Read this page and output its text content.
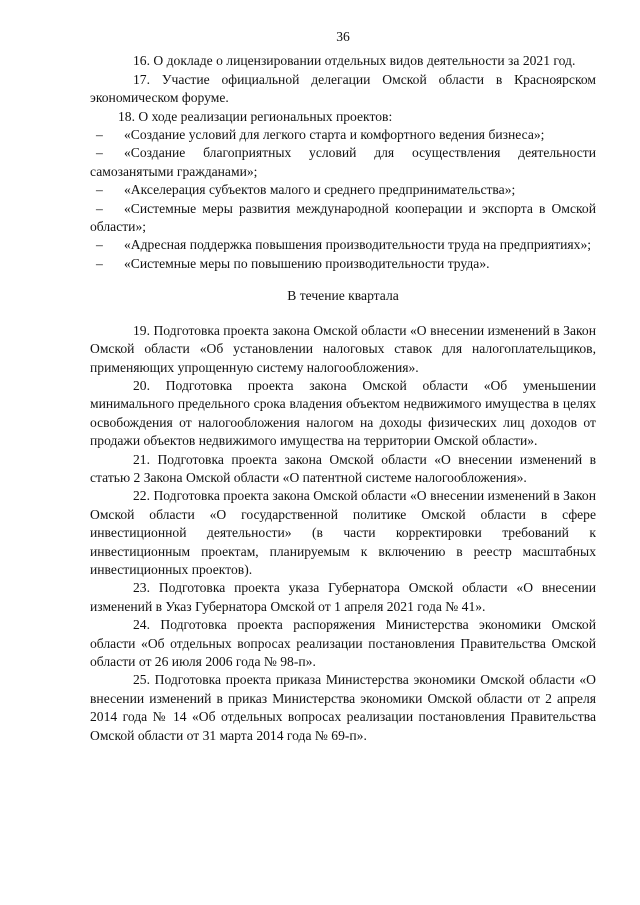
36

16. О докладе о лицензировании отдельных видов деятельности за 2021 год.

17. Участие официальной делегации Омской области в Красноярском экономическом форуме.

18. О ходе реализации региональных проектов:

– «Создание условий для легкого старта и комфортного ведения бизнеса»;

– «Создание благоприятных условий для осуществления деятельности самозанятыми гражданами»;

– «Акселерация субъектов малого и среднего предпринимательства»;

– «Системные меры развития международной кооперации и экспорта в Омской области»;

– «Адресная поддержка повышения производительности труда на предприятиях»;

– «Системные меры по повышению производительности труда».

В течение квартала

19. Подготовка проекта закона Омской области «О внесении изменений в Закон Омской области «Об установлении налоговых ставок для налогоплательщиков, применяющих упрощенную систему налогообложения».

20. Подготовка проекта закона Омской области «Об уменьшении минимального предельного срока владения объектом недвижимого имущества в целях освобождения от налогообложения налогом на доходы физических лиц доходов от продажи объектов недвижимого имущества на территории Омской области».

21. Подготовка проекта закона Омской области «О внесении изменений в статью 2 Закона Омской области «О патентной системе налогообложения».

22. Подготовка проекта закона Омской области «О внесении изменений в Закон Омской области «О государственной политике Омской области в сфере инвестиционной деятельности» (в части корректировки требований к инвестиционным проектам, планируемым к включению в реестр масштабных инвестиционных проектов).

23. Подготовка проекта указа Губернатора Омской области «О внесении изменений в Указ Губернатора Омской от 1 апреля 2021 года № 41».

24. Подготовка проекта распоряжения Министерства экономики Омской области «Об отдельных вопросах реализации постановления Правительства Омской области от 26 июля 2006 года № 98-п».

25. Подготовка проекта приказа Министерства экономики Омской области «О внесении изменений в приказ Министерства экономики Омской области от 2 апреля 2014 года № 14 «Об отдельных вопросах реализации постановления Правительства Омской области от 31 марта 2014 года № 69-п».
